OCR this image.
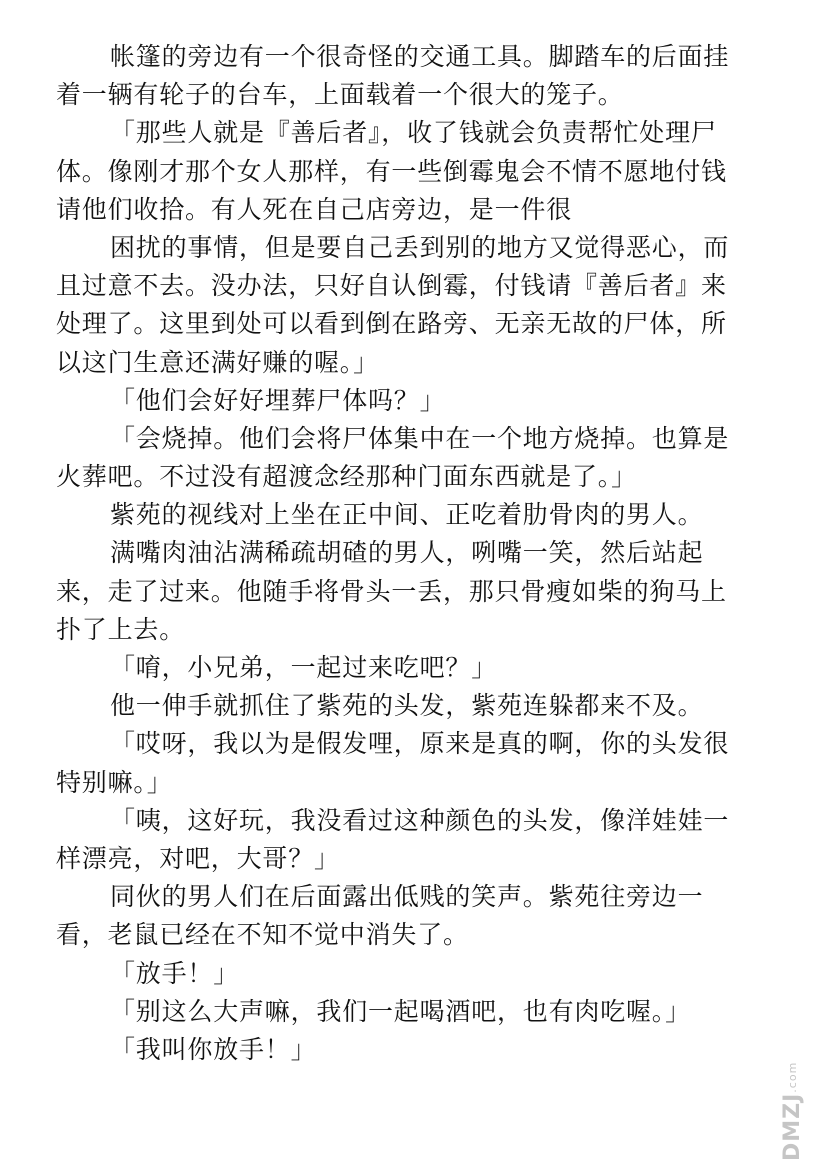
帐篷的旁边有一个很奇怪的交通工具。脚踏车的后面挂
着一辆有轮子的台车，上面载着一个很大的笼子。
「那些人就是『善后者』，收了钱就会负责帮忙处理尸
体。像刚才那个女人那样，有一些倒霉鬼会不情不愿地付钱
请他们收拾。有人死在自己店旁边，是一件很
困扰的事情，但是要自己丢到别的地方又觉得恶心，而
且过意不去。没办法，只好自认倒霉，付钱请『善后者』来
处理了。这里到处可以看到倒在路旁、无亲无故的尸体，所
以这门生意还满好赚的喔。」
「他们会好好埋葬尸体吗？」
「会烧掉。他们会将尸体集中在一个地方烧掉。也算是
火葬吧。不过没有超渡念经那种门面东西就是了。」
紫苑的视线对上坐在正中间、正吃着肋骨肉的男人。
满嘴肉油沾满稀疏胡碴的男人，咧嘴一笑，然后站起
来，走了过来。他随手将骨头一丢，那只骨瘦如柴的狗马上
扑了上去。
「唷，小兄弟，一起过来吃吧？」
他一伸手就抓住了紫苑的头发，紫苑连躲都来不及。
「哎呀，我以为是假发哩，原来是真的啊，你的头发很
特别嘛。」
「咦，这好玩，我没看过这种颜色的头发，像洋娃娃一
样漂亮，对吧，大哥？」
同伙的男人们在后面露出低贱的笑声。紫苑往旁边一
看，老鼠已经在不知不觉中消失了。
「放手！」
「别这么大声嘛，我们一起喝酒吧，也有肉吃喔。」
「我叫你放手！」
DMZJ.com
